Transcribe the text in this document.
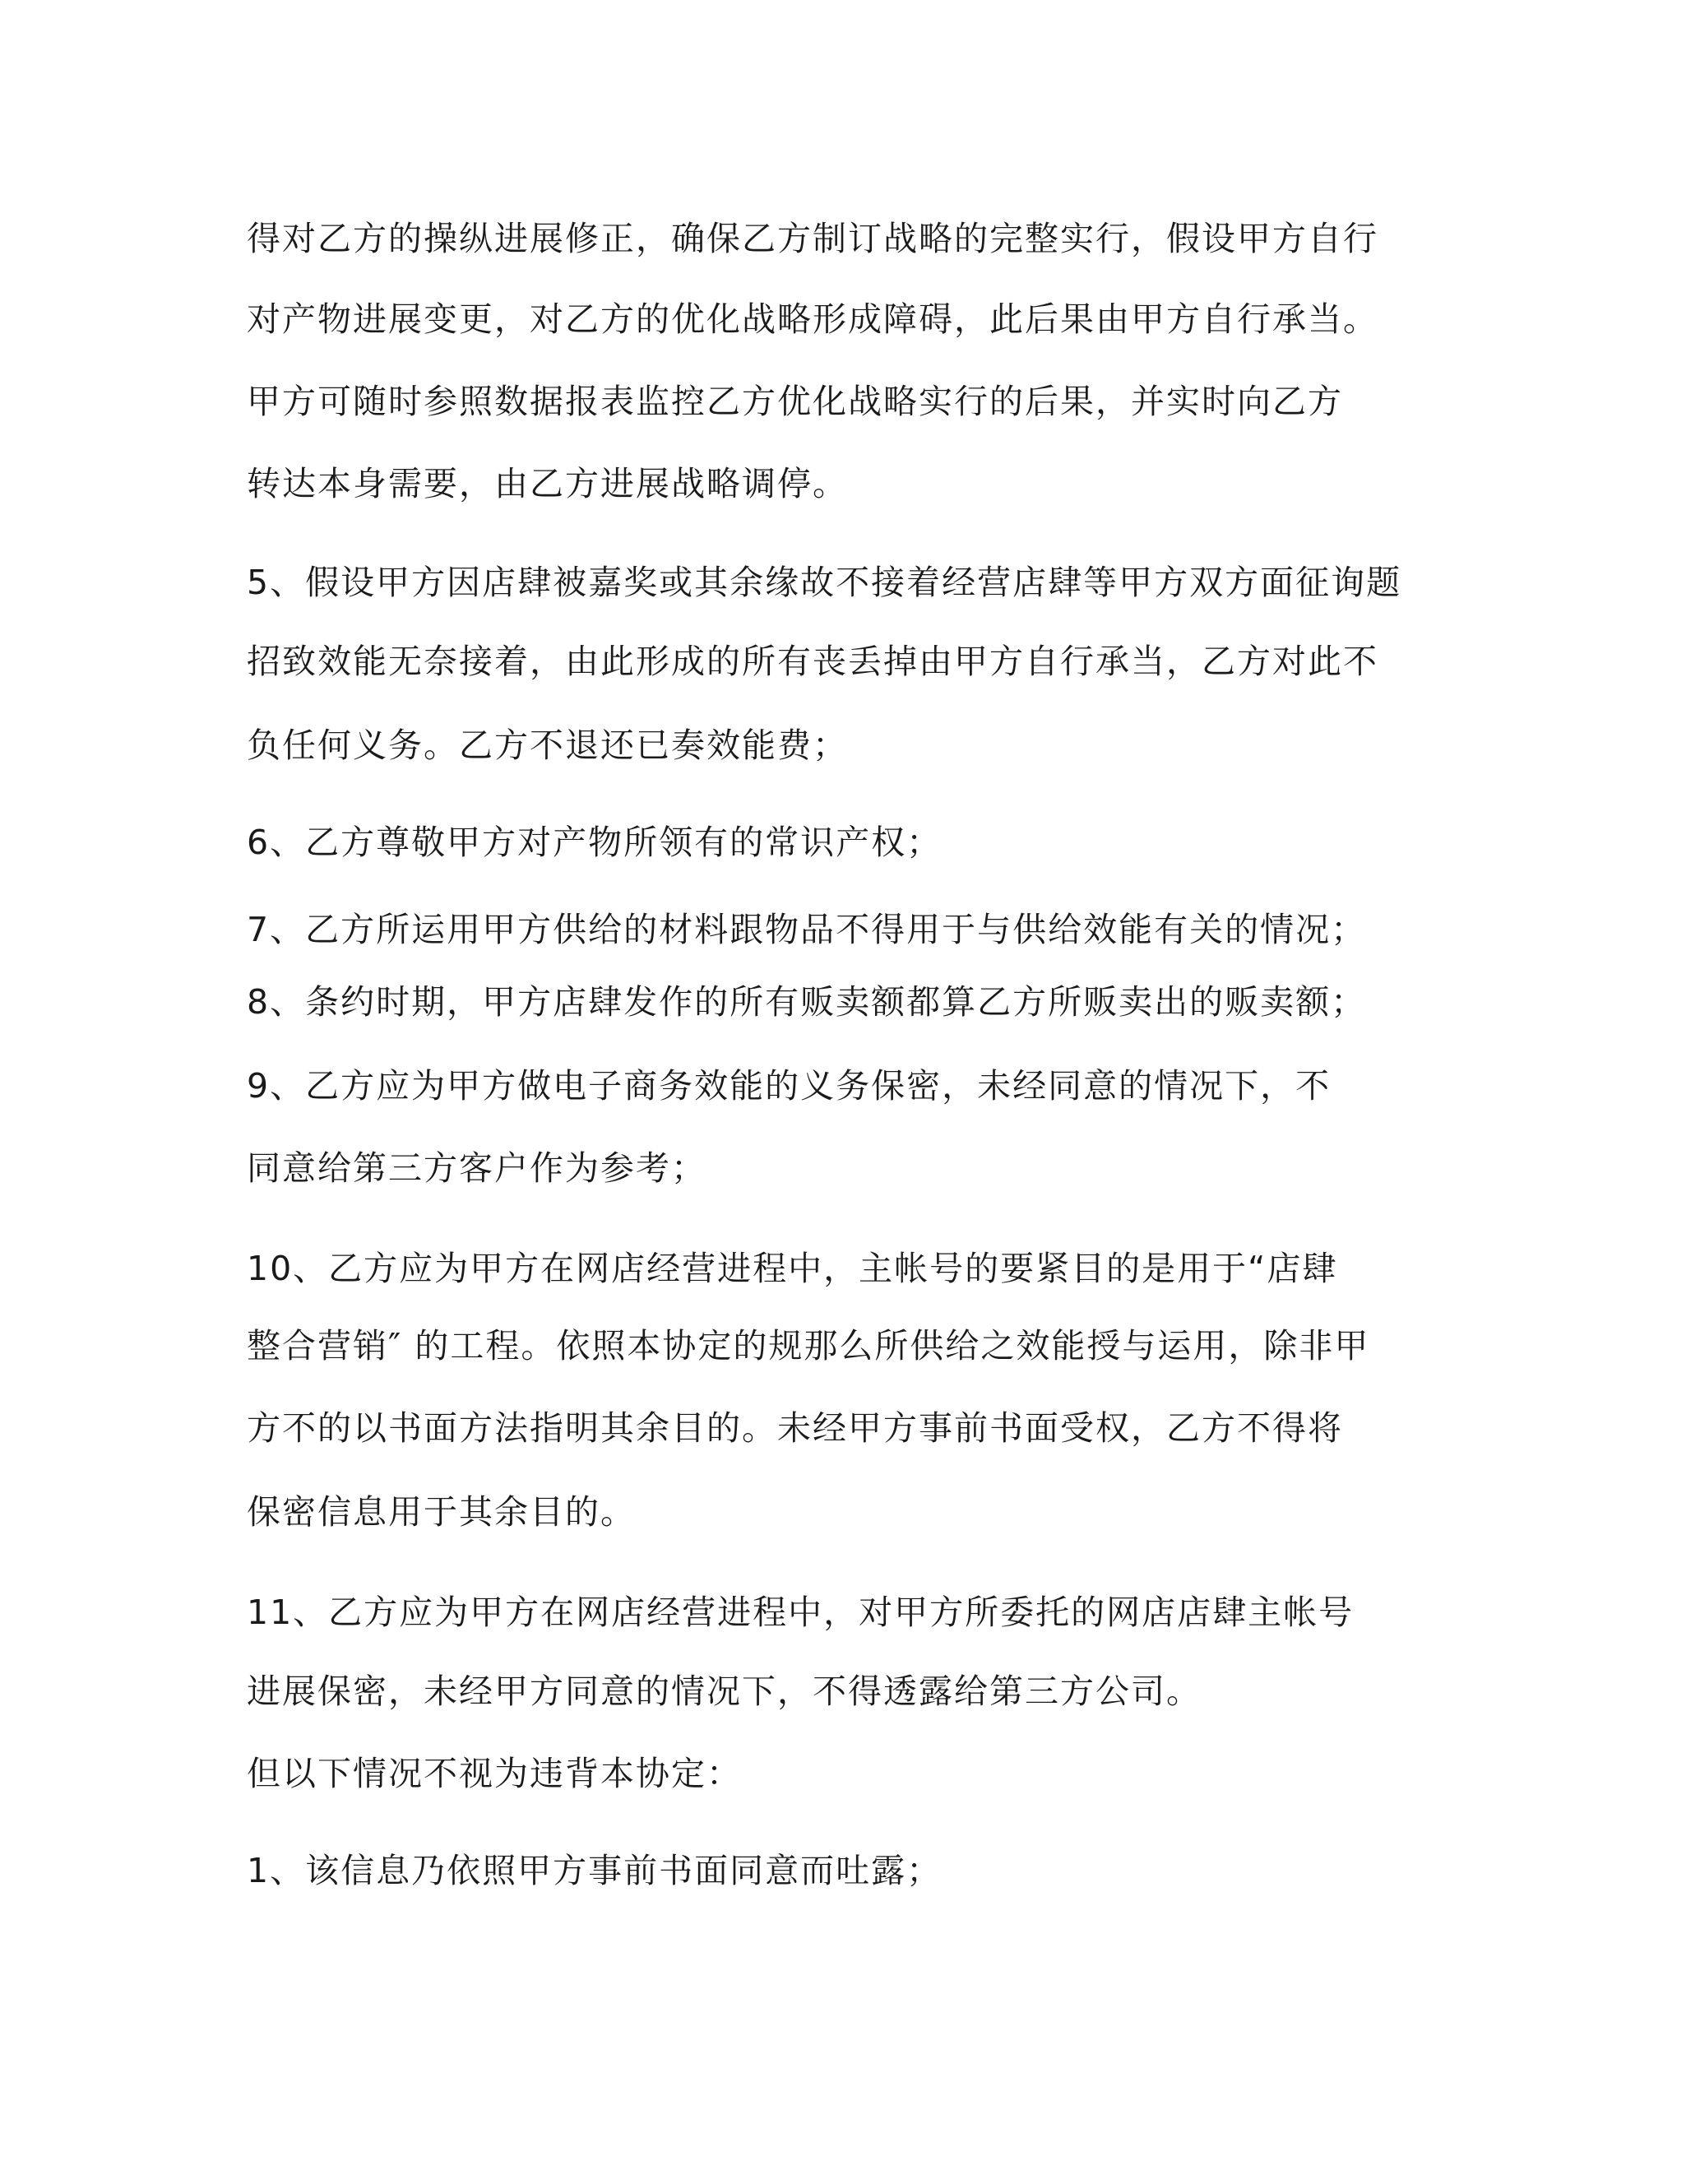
得对乙方的操纵进展修正，确保乙方制订战略的完整实行，假设甲方自行
对产物进展变更，对乙方的优化战略形成障碍，此后果由甲方自行承当。
甲方可随时参照数据报表监控乙方优化战略实行的后果，并实时向乙方
转达本身需要，由乙方进展战略调停。
5、假设甲方因店肆被嘉奖或其余缘故不接着经营店肆等甲方双方面征询题
招致效能无奈接着，由此形成的所有丧丢掉由甲方自行承当，乙方对此不
负任何义务。乙方不退还已奏效能费；
6、乙方尊敬甲方对产物所领有的常识产权；
7、乙方所运用甲方供给的材料跟物品不得用于与供给效能有关的情况；
8、条约时期，甲方店肆发作的所有贩卖额都算乙方所贩卖出的贩卖额；
9、乙方应为甲方做电子商务效能的义务保密，未经同意的情况下，不
同意给第三方客户作为参考；
10、乙方应为甲方在网店经营进程中，主帐号的要紧目的是用于“店肆
整合营销″ 的工程。依照本协定的规那么所供给之效能授与运用，除非甲
方不的以书面方法指明其余目的。未经甲方事前书面受权，乙方不得将
保密信息用于其余目的。
11、乙方应为甲方在网店经营进程中，对甲方所委托的网店店肆主帐号
进展保密，未经甲方同意的情况下，不得透露给第三方公司。
但以下情况不视为违背本协定：
1、该信息乃依照甲方事前书面同意而吐露；
